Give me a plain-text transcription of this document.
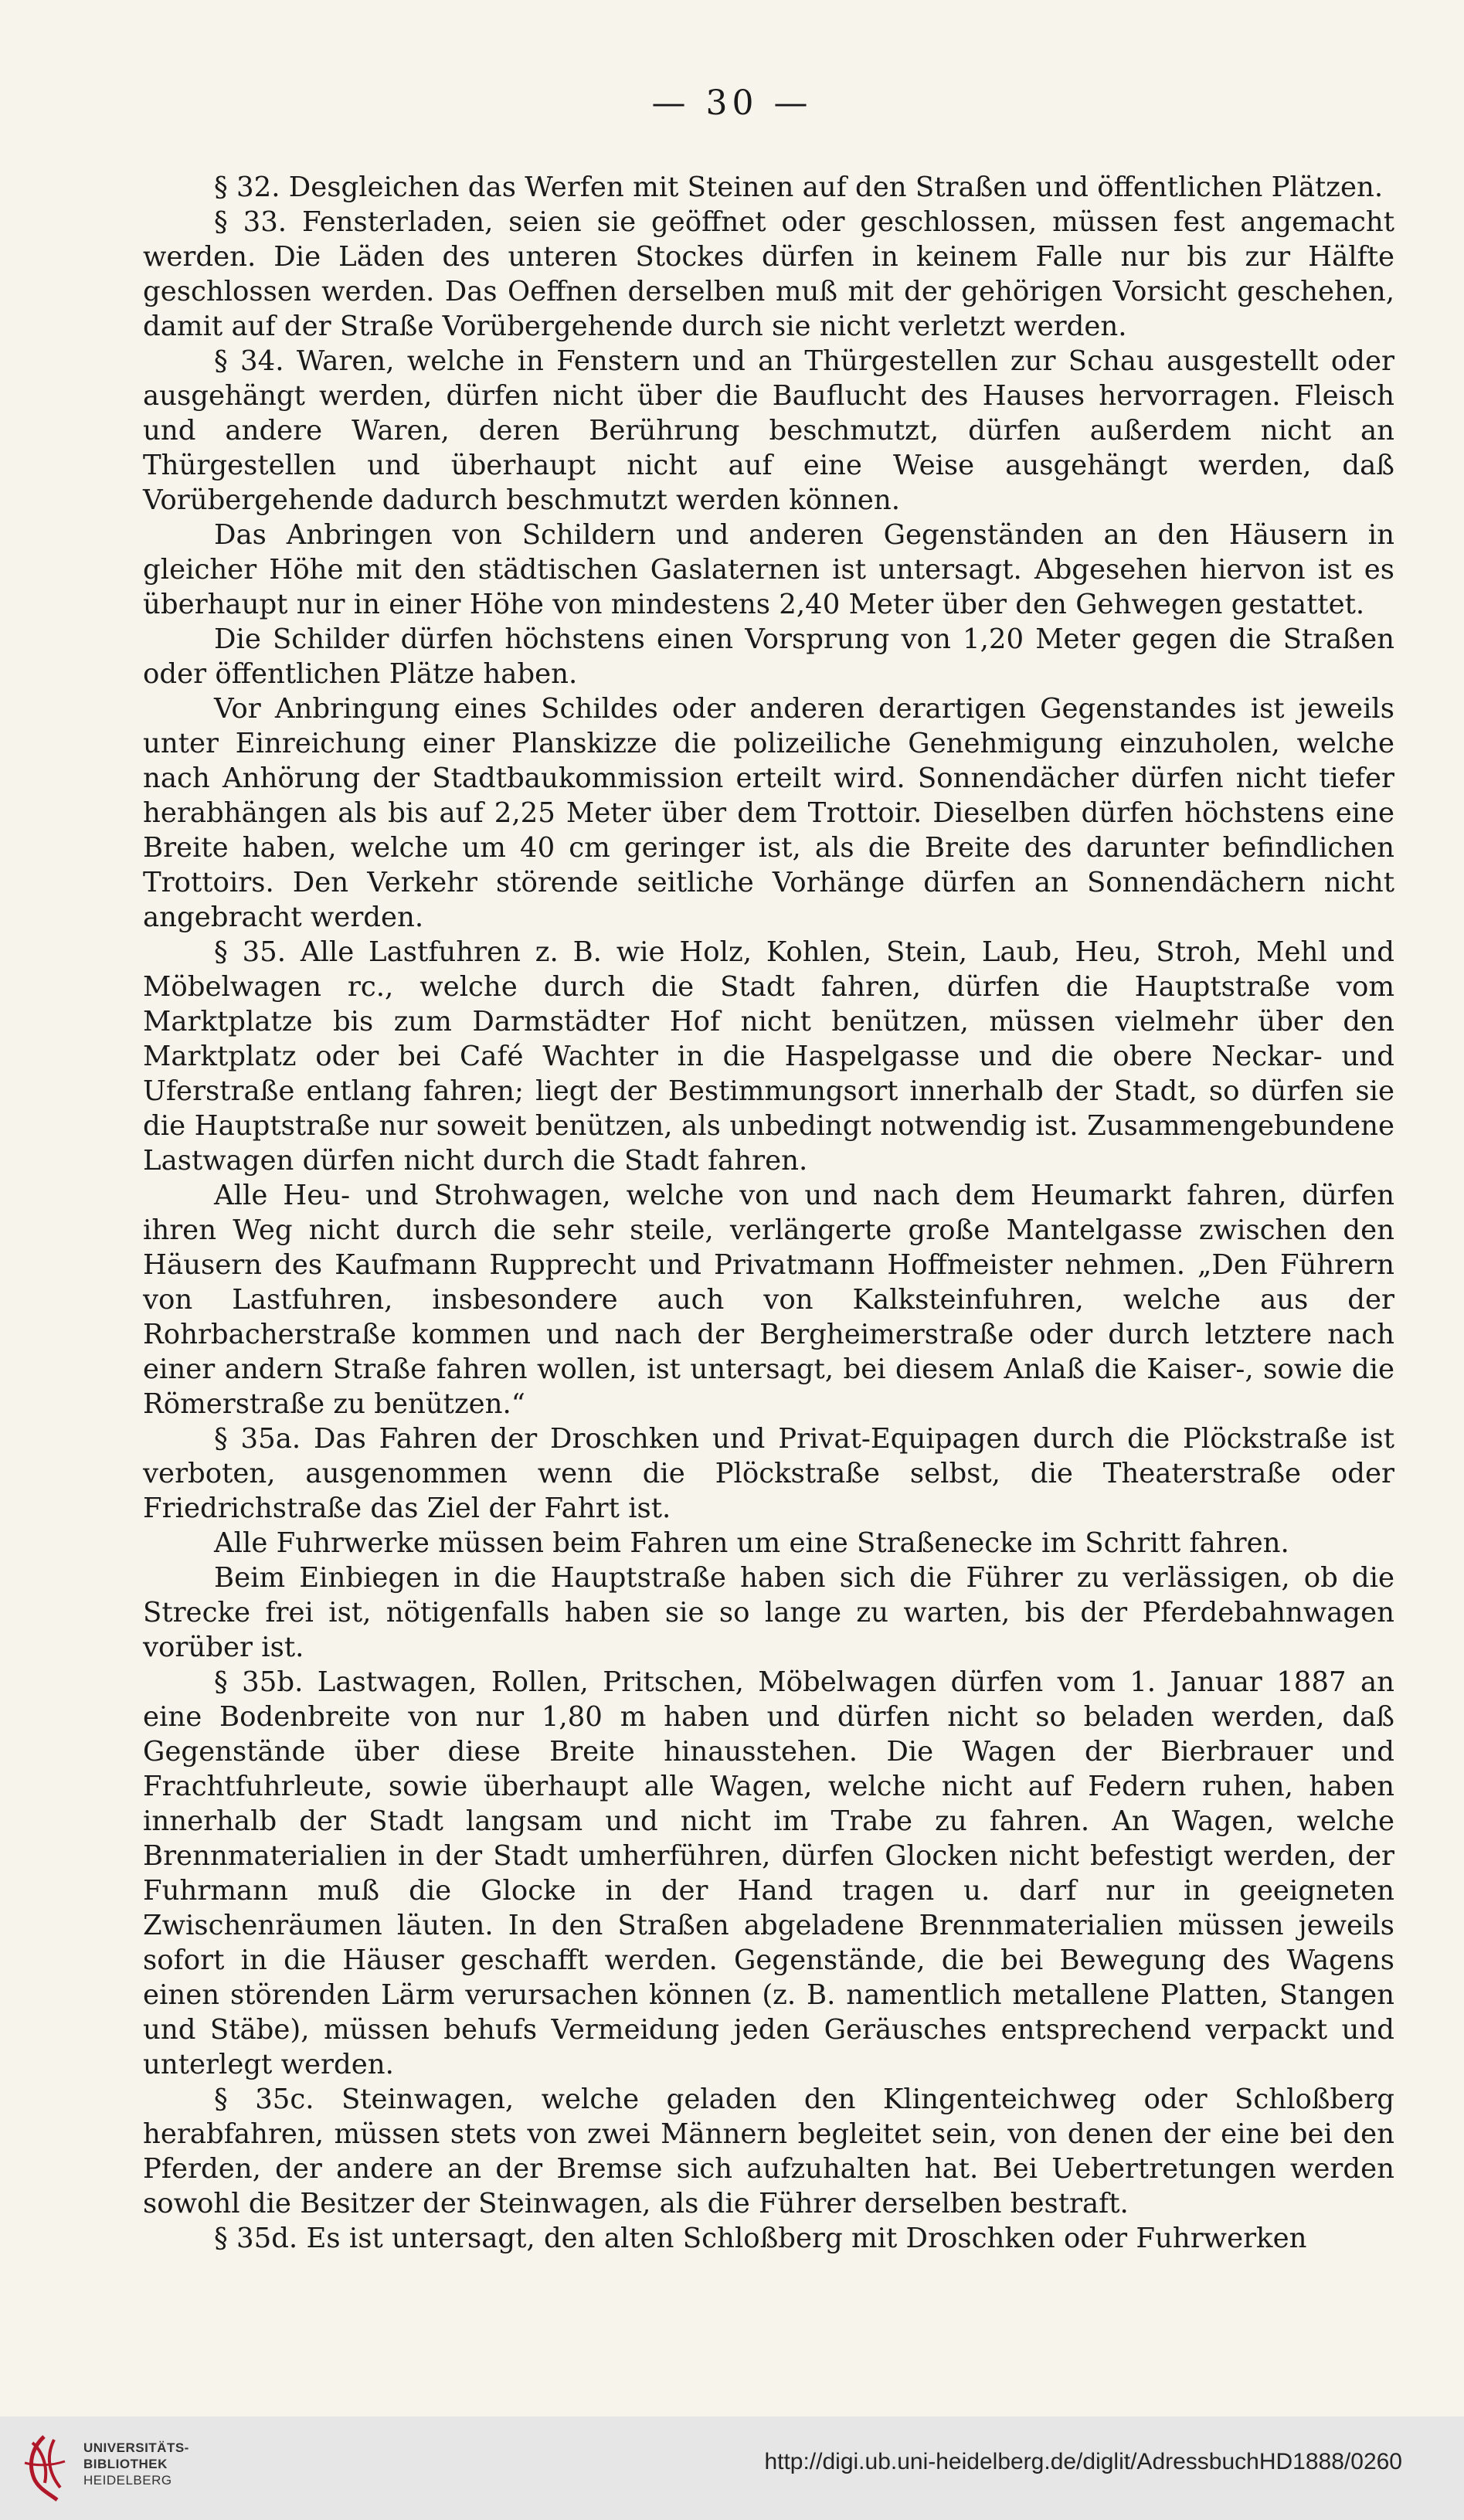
— 30 —

§ 32. Desgleichen das Werfen mit Steinen auf den Straßen und öffentlichen Plätzen.

§ 33. Fensterladen, seien sie geöffnet oder geschlossen, müssen fest angemacht werden. Die Läden des unteren Stockes dürfen in keinem Falle nur bis zur Hälfte geschlossen werden. Das Oeffnen derselben muß mit der gehörigen Vorsicht geschehen, damit auf der Straße Vorübergehende durch sie nicht verletzt werden.

§ 34. Waren, welche in Fenstern und an Thürgestellen zur Schau ausgestellt oder ausgehängt werden, dürfen nicht über die Bauflucht des Hauses hervorragen. Fleisch und andere Waren, deren Berührung beschmutzt, dürfen außerdem nicht an Thürgestellen und überhaupt nicht auf eine Weise ausgehängt werden, daß Vorübergehende dadurch beschmutzt werden können.

Das Anbringen von Schildern und anderen Gegenständen an den Häusern in gleicher Höhe mit den städtischen Gaslaternen ist untersagt. Abgesehen hiervon ist es überhaupt nur in einer Höhe von mindestens 2,40 Meter über den Gehwegen gestattet.

Die Schilder dürfen höchstens einen Vorsprung von 1,20 Meter gegen die Straßen oder öffentlichen Plätze haben.

Vor Anbringung eines Schildes oder anderen derartigen Gegenstandes ist jeweils unter Einreichung einer Planskizze die polizeiliche Genehmigung einzuholen, welche nach Anhörung der Stadtbaukommission erteilt wird. Sonnendächer dürfen nicht tiefer herabhängen als bis auf 2,25 Meter über dem Trottoir. Dieselben dürfen höchstens eine Breite haben, welche um 40 cm geringer ist, als die Breite des darunter befindlichen Trottoirs. Den Verkehr störende seitliche Vorhänge dürfen an Sonnendächern nicht angebracht werden.

§ 35. Alle Lastfuhren z. B. wie Holz, Kohlen, Stein, Laub, Heu, Stroh, Mehl und Möbelwagen rc., welche durch die Stadt fahren, dürfen die Hauptstraße vom Marktplatze bis zum Darmstädter Hof nicht benützen, müssen vielmehr über den Marktplatz oder bei Café Wachter in die Haspelgasse und die obere Neckar- und Uferstraße entlang fahren; liegt der Bestimmungsort innerhalb der Stadt, so dürfen sie die Hauptstraße nur soweit benützen, als unbedingt notwendig ist. Zusammengebundene Lastwagen dürfen nicht durch die Stadt fahren.

Alle Heu- und Strohwagen, welche von und nach dem Heumarkt fahren, dürfen ihren Weg nicht durch die sehr steile, verlängerte große Mantelgasse zwischen den Häusern des Kaufmann Rupprecht und Privatmann Hoffmeister nehmen. „Den Führern von Lastfuhren, insbesondere auch von Kalksteinfuhren, welche aus der Rohrbacherstraße kommen und nach der Bergheimerstraße oder durch letztere nach einer andern Straße fahren wollen, ist untersagt, bei diesem Anlaß die Kaiser-, sowie die Römerstraße zu benützen.“

§ 35a. Das Fahren der Droschken und Privat-Equipagen durch die Plöckstraße ist verboten, ausgenommen wenn die Plöckstraße selbst, die Theaterstraße oder Friedrichstraße das Ziel der Fahrt ist.

Alle Fuhrwerke müssen beim Fahren um eine Straßenecke im Schritt fahren.

Beim Einbiegen in die Hauptstraße haben sich die Führer zu verlässigen, ob die Strecke frei ist, nötigenfalls haben sie so lange zu warten, bis der Pferdebahnwagen vorüber ist.

§ 35b. Lastwagen, Rollen, Pritschen, Möbelwagen dürfen vom 1. Januar 1887 an eine Bodenbreite von nur 1,80 m haben und dürfen nicht so beladen werden, daß Gegenstände über diese Breite hinausstehen. Die Wagen der Bierbrauer und Frachtfuhrleute, sowie überhaupt alle Wagen, welche nicht auf Federn ruhen, haben innerhalb der Stadt langsam und nicht im Trabe zu fahren. An Wagen, welche Brennmaterialien in der Stadt umherführen, dürfen Glocken nicht befestigt werden, der Fuhrmann muß die Glocke in der Hand tragen u. darf nur in geeigneten Zwischenräumen läuten. In den Straßen abgeladene Brennmaterialien müssen jeweils sofort in die Häuser geschafft werden. Gegenstände, die bei Bewegung des Wagens einen störenden Lärm verursachen können (z. B. namentlich metallene Platten, Stangen und Stäbe), müssen behufs Vermeidung jeden Geräusches entsprechend verpackt und unterlegt werden.

§ 35c. Steinwagen, welche geladen den Klingenteichweg oder Schloßberg herabfahren, müssen stets von zwei Männern begleitet sein, von denen der eine bei den Pferden, der andere an der Bremse sich aufzuhalten hat. Bei Uebertretungen werden sowohl die Besitzer der Steinwagen, als die Führer derselben bestraft.

§ 35d. Es ist untersagt, den alten Schloßberg mit Droschken oder Fuhrwerken

UNIVERSITÄTS-
BIBLIOTHEK
HEIDELBERG
http://digi.ub.uni-heidelberg.de/diglit/AdressbuchHD1888/0260
